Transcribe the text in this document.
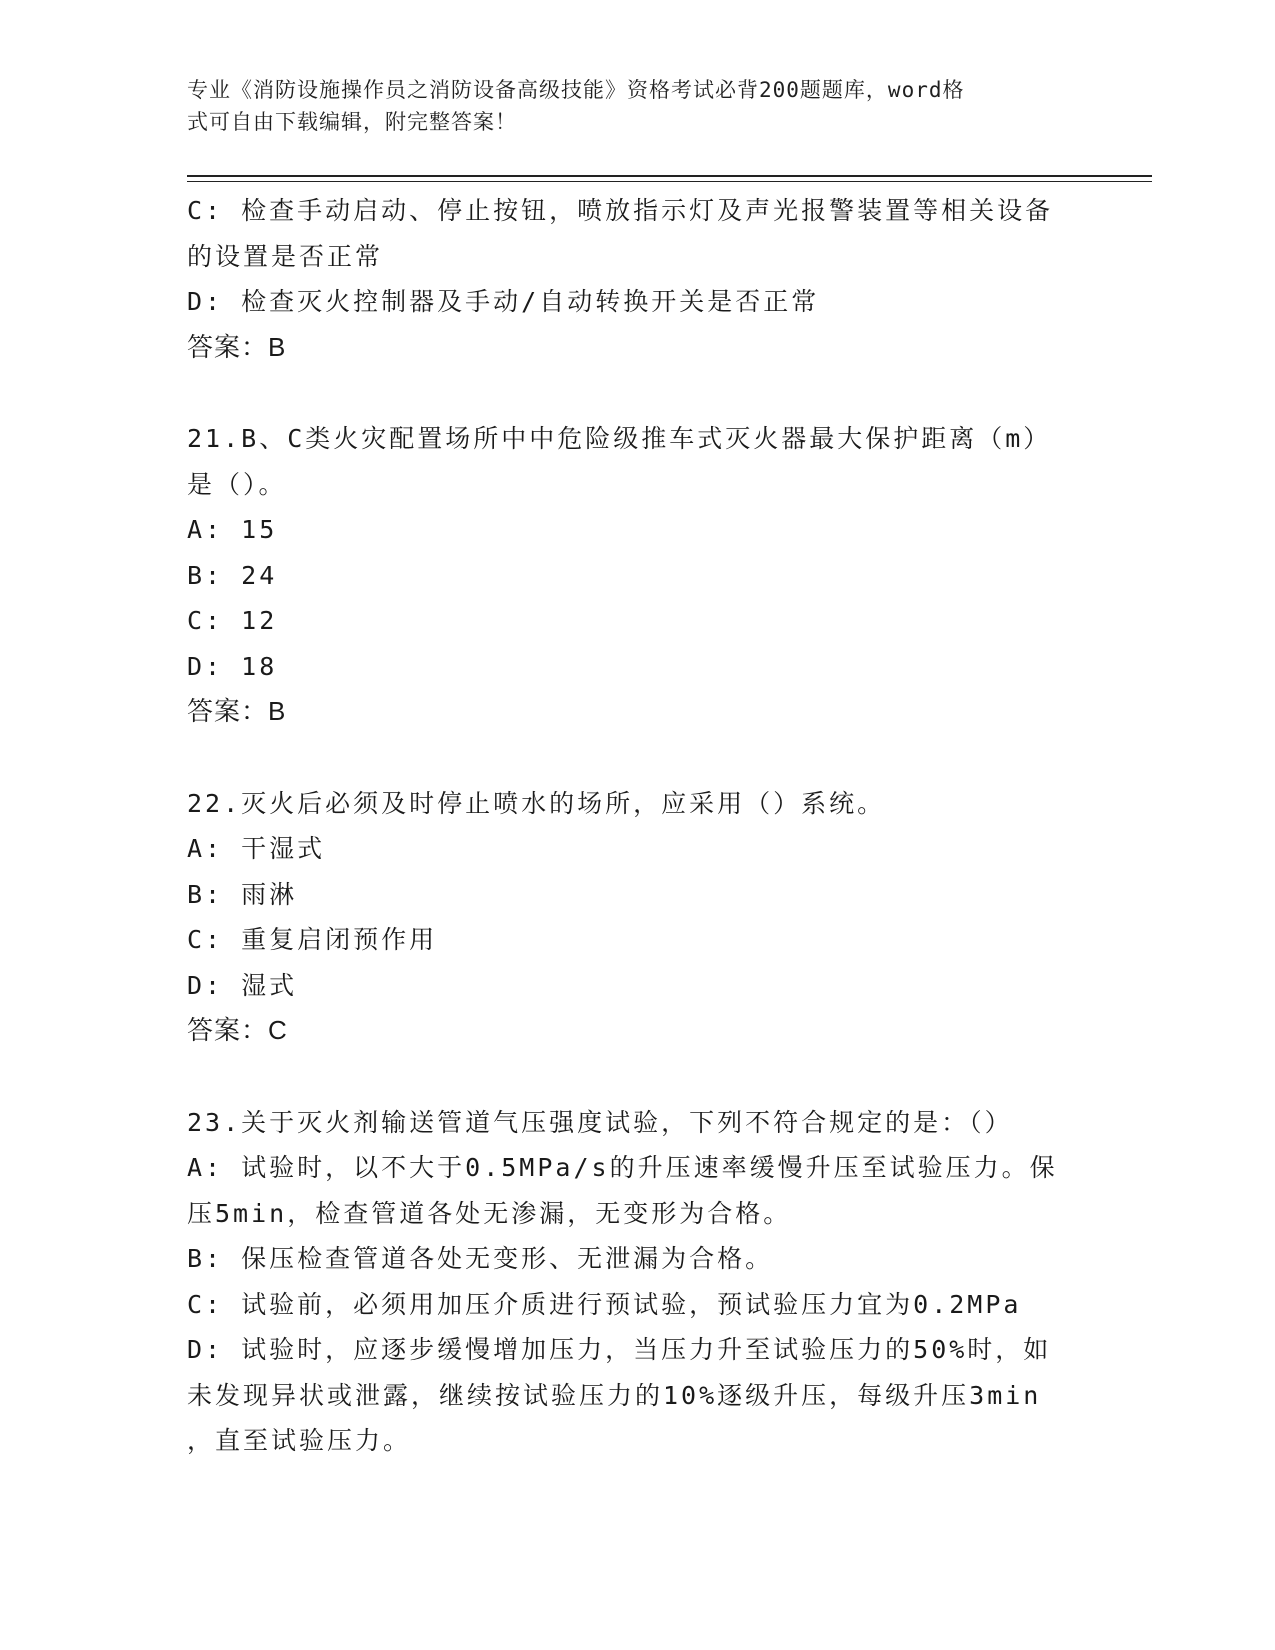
专业《消防设施操作员之消防设备高级技能》资格考试必背200题题库，word格
式可自由下载编辑，附完整答案！
C: 检查手动启动、停止按钮，喷放指示灯及声光报警装置等相关设备
的设置是否正常
D: 检查灭火控制器及手动/自动转换开关是否正常
答案：B
21.B、C类火灾配置场所中中危险级推车式灭火器最大保护距离（m）
是（）。
A: 15
B: 24
C: 12
D: 18
答案：B
22.灭火后必须及时停止喷水的场所，应采用（）系统。
A: 干湿式
B: 雨淋
C: 重复启闭预作用
D: 湿式
答案：C
23.关于灭火剂输送管道气压强度试验，下列不符合规定的是：（）
A: 试验时，以不大于0.5MPa/s的升压速率缓慢升压至试验压力。保
压5min，检查管道各处无渗漏，无变形为合格。
B: 保压检查管道各处无变形、无泄漏为合格。
C: 试验前，必须用加压介质进行预试验，预试验压力宜为0.2MPa
D: 试验时，应逐步缓慢增加压力，当压力升至试验压力的50%时，如
未发现异状或泄露，继续按试验压力的10%逐级升压，每级升压3min
，直至试验压力。
